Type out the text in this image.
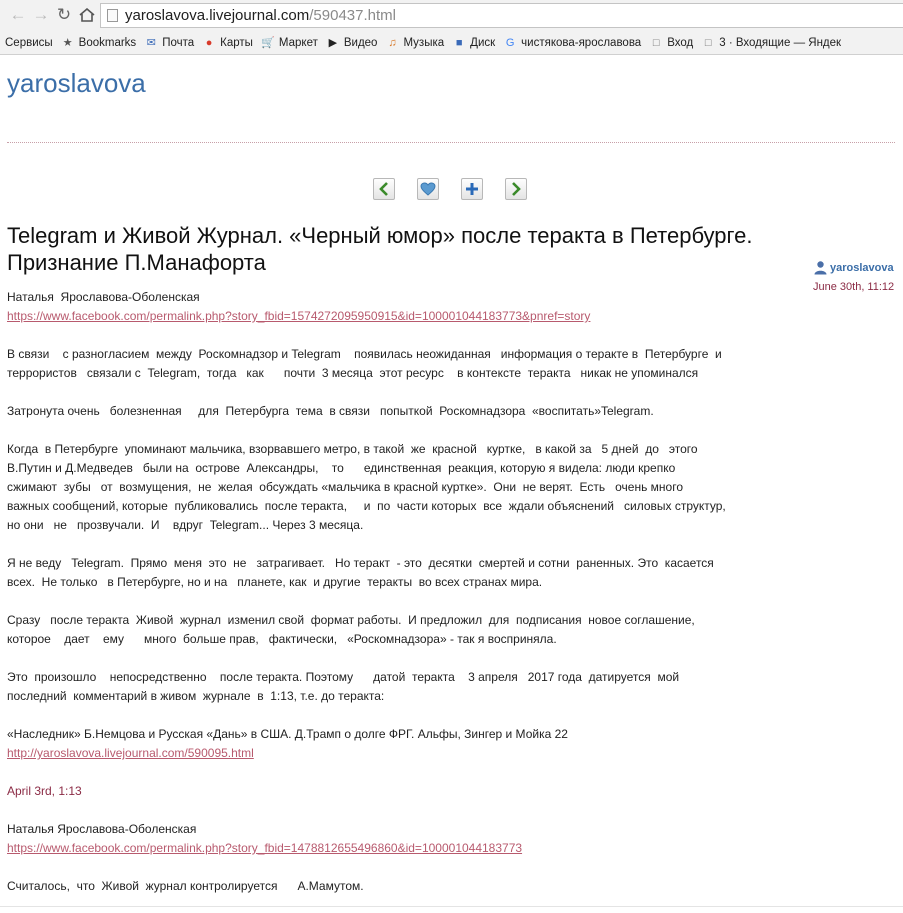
← → ↻	yaroslavova.livejournal.com /590437.html
Сервисы ★ Bookmarks ✉ Почта	● Карты 🛒 Маркет ▶ Видео ♫ Музыка	■ Диск G чистякова-ярославова	□ Вход	□ 3 · Входящие — Яндек
yaroslavova
Telegram и Живой Журнал. «Черный юмор» после теракта в Петербурге. Признание П.Манафорта	yaroslavova
June 30th, 11:12
Наталья  Ярославова-Оболенская
https://www.facebook.com/permalink.php?story_fbid=1574272095950915&id=100001044183773&pnref=story
В связи    с разногласием  между  Роскомнадзор и Telegram    появилась неожиданная   информация о теракте в  Петербурге  и
террористов   связали с  Telegram,  тогда   как      почти  3 месяца  этот ресурс    в контексте  теракта   никак не упоминался
Затронута очень   болезненная     для  Петербурга  тема  в связи   попыткой  Роскомнадзора  «воспитать»Telegram.
Когда  в Петербурге  упоминают мальчика, взорвавшего метро, в такой  же  красной   куртке,   в какой за   5 дней  до   этого
В.Путин и Д.Медведев   были на  острове  Александры,    то      единственная  реакция, которую я видела: люди крепко
сжимают  зубы   от  возмущения,  не  желая  обсуждать «мальчика в красной куртке».  Они  не верят.  Есть   очень много
важных сообщений, которые  публиковались  после теракта,     и  по  части которых  все  ждали объяснений   силовых структур,
но они   не   прозвучали.  И    вдруг  Telegram... Через 3 месяца.
Я не веду   Telegram.  Прямо  меня  это  не   затрагивает.   Но теракт  - это  десятки  смертей и сотни  раненных. Это  касается
всех.  Не только   в Петербурге, но и на   планете, как  и другие  теракты  во всех странах мира.
Сразу   после теракта  Живой  журнал  изменил свой  формат работы.  И предложил  для  подписания  новое соглашение,
которое    дает    ему      много  больше прав,   фактически,   «Роскомнадзора» - так я восприняла.
Это  произошло    непосредственно    после теракта. Поэтому      датой  теракта    3 апреля   2017 года  датируется  мой
последний  комментарий в живом  журнале  в  1:13, т.е. до теракта:
«Наследник» Б.Немцова и Русская «Дань» в США. Д.Трамп о долге ФРГ. Альфы, Зингер и Мойка 22
http://yaroslavova.livejournal.com/590095.html
April 3rd, 1:13
Наталья Ярославова-Оболенская
https://www.facebook.com/permalink.php?story_fbid=1478812655496860&id=100001044183773
Считалось,  что  Живой  журнал контролируется      А.Мамутом.
